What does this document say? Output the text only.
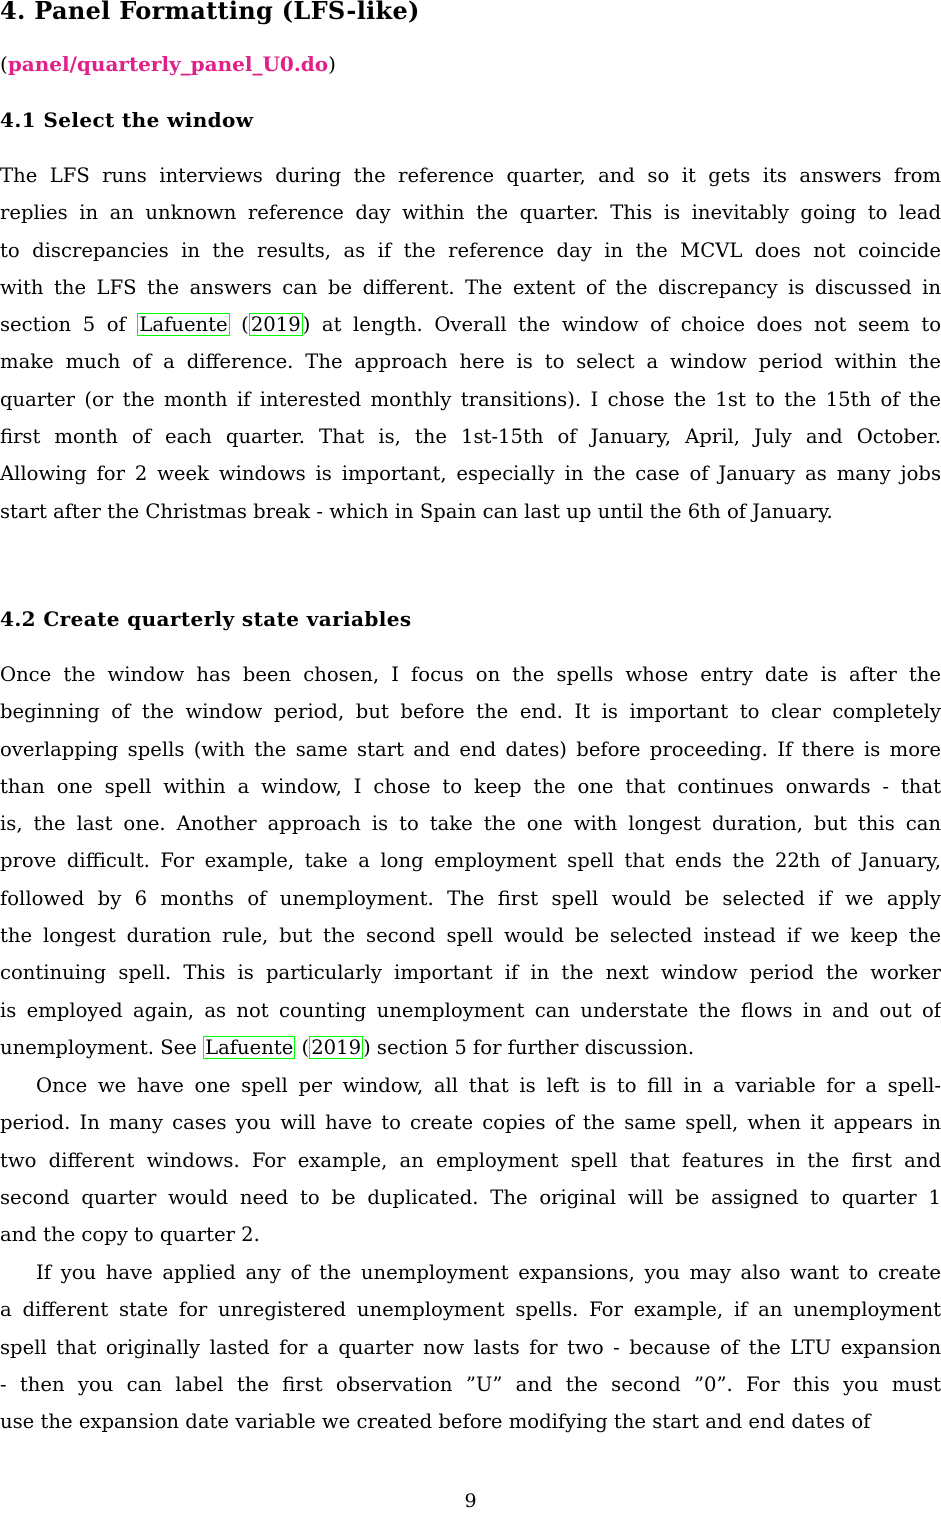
4. Panel Formatting (LFS-like)

(panel/quarterly_panel_U0.do)

4.1 Select the window
The LFS runs interviews during the reference quarter, and so it gets its answers from
replies in an unknown reference day within the quarter. This is inevitably going to lead
to discrepancies in the results, as if the reference day in the MCVL does not coincide
with the LFS the answers can be different. The extent of the discrepancy is discussed in
section 5 of Lafuente ( 2019 ) at length. Overall the window of choice does not seem to
make much of a difference. The approach here is to select a window period within the
quarter (or the month if interested monthly transitions). I chose the 1st to the 15th of the
first month of each quarter. That is, the 1st-15th of January, April, July and October.
Allowing for 2 week windows is important, especially in the case of January as many jobs
start after the Christmas break - which in Spain can last up until the 6th of January.
4.2 Create quarterly state variables
Once the window has been chosen, I focus on the spells whose entry date is after the
beginning of the window period, but before the end. It is important to clear completely
overlapping spells (with the same start and end dates) before proceeding. If there is more
than one spell within a window, I chose to keep the one that continues onwards - that
is, the last one. Another approach is to take the one with longest duration, but this can
prove difficult. For example, take a long employment spell that ends the 22th of January,
followed by 6 months of unemployment. The first spell would be selected if we apply
the longest duration rule, but the second spell would be selected instead if we keep the
continuing spell. This is particularly important if in the next window period the worker
is employed again, as not counting unemployment can understate the flows in and out of
unemployment. See Lafuente ( 2019 ) section 5 for further discussion.
Once we have one spell per window, all that is left is to fill in a variable for a spell-
period. In many cases you will have to create copies of the same spell, when it appears in
two different windows. For example, an employment spell that features in the first and
second quarter would need to be duplicated. The original will be assigned to quarter 1
and the copy to quarter 2.
If you have applied any of the unemployment expansions, you may also want to create
a different state for unregistered unemployment spells. For example, if an unemployment
spell that originally lasted for a quarter now lasts for two - because of the LTU expansion
- then you can label the first observation ”U” and the second ”0”. For this you must
use the expansion date variable we created before modifying the start and end dates of

9
